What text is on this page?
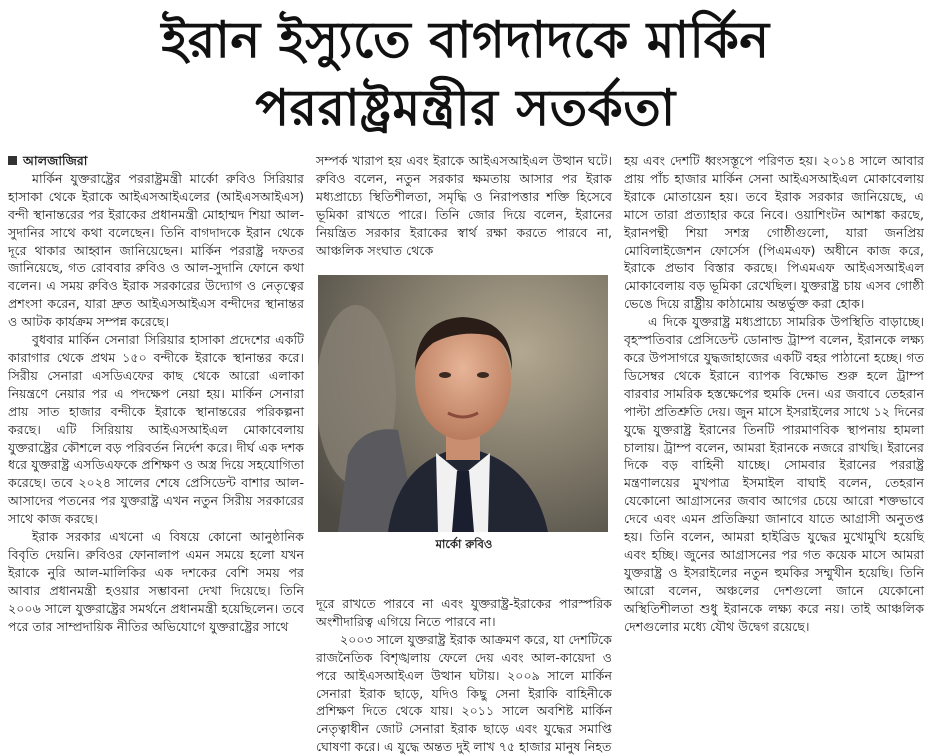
ইরান ইস্যুতে বাগদাদকে মার্কিন
পররাষ্ট্রমন্ত্রীর সতর্কতা
আলজাজিরা

মার্কিন যুক্তরাষ্ট্রের পররাষ্ট্রমন্ত্রী মার্কো রুবিও সিরিয়ার হাসাকা থেকে ইরাকে আইএসআইএলের (আইএসআইএস) বন্দী স্থানান্তরের পর ইরাকের প্রধানমন্ত্রী মোহাম্মদ শিয়া আল-সুদানির সাথে কথা বলেছেন। তিনি বাগদাদকে ইরান থেকে দূরে থাকার আহ্বান জানিয়েছেন। মার্কিন পররাষ্ট্র দফতর জানিয়েছে, গত রোববার রুবিও ও আল-সুদানি ফোনে কথা বলেন। এ সময় রুবিও ইরাক সরকারের উদ্যোগ ও নেতৃত্বের প্রশংসা করেন, যারা দ্রুত আইএসআইএস বন্দীদের স্থানান্তর ও আটক কার্যক্রম সম্পন্ন করেছে।

বুধবার মার্কিন সেনারা সিরিয়ার হাসাকা প্রদেশের একটি কারাগার থেকে প্রথম ১৫০ বন্দীকে ইরাকে স্থানান্তর করে। সিরীয় সেনারা এসডিএফের কাছ থেকে আরো এলাকা নিয়ন্ত্রণে নেয়ার পর এ পদক্ষেপ নেয়া হয়। মার্কিন সেনারা প্রায় সাত হাজার বন্দীকে ইরাকে স্থানান্তরের পরিকল্পনা করছে। এটি সিরিয়ায় আইএসআইএল মোকাবেলায় যুক্তরাষ্ট্রের কৌশলে বড় পরিবর্তন নির্দেশ করে। দীর্ঘ এক দশক ধরে যুক্তরাষ্ট্র এসডিএফকে প্রশিক্ষণ ও অস্ত্র দিয়ে সহযোগিতা করেছে। তবে ২০২৪ সালের শেষে প্রেসিডেন্ট বাশার আল-আসাদের পতনের পর যুক্তরাষ্ট্র এখন নতুন সিরীয় সরকারের সাথে কাজ করছে।

ইরাক সরকার এখনো এ বিষয়ে কোনো আনুষ্ঠানিক বিবৃতি দেয়নি। রুবিওর ফোনালাপ এমন সময়ে হলো যখন ইরাকে নুরি আল-মালিকির এক দশকের বেশি সময় পর আবার প্রধানমন্ত্রী হওয়ার সম্ভাবনা দেখা দিয়েছে। তিনি ২০০৬ সালে যুক্তরাষ্ট্রের সমর্থনে প্রধানমন্ত্রী হয়েছিলেন। তবে পরে তার সাম্প্রদায়িক নীতির অভিযোগে যুক্তরাষ্ট্রের সাথে

সম্পর্ক খারাপ হয় এবং ইরাকে আইএসআইএল উত্থান ঘটে। রুবিও বলেন, নতুন সরকার ক্ষমতায় আসার পর ইরাক মধ্যপ্রাচ্যে স্থিতিশীলতা, সমৃদ্ধি ও নিরাপত্তার শক্তি হিসেবে ভূমিকা রাখতে পারে। তিনি জোর দিয়ে বলেন, ইরানের নিয়ন্ত্রিত সরকার ইরাকের স্বার্থ রক্ষা করতে পারবে না, আঞ্চলিক সংঘাত থেকে
মার্কো রুবিও
দূরে রাখতে পারবে না এবং যুক্তরাষ্ট্র-ইরাকের পারস্পরিক অংশীদারিত্ব এগিয়ে নিতে পারবে না।

২০০৩ সালে যুক্তরাষ্ট্র ইরাক আক্রমণ করে, যা দেশটিকে রাজনৈতিক বিশৃঙ্খলায় ফেলে দেয় এবং আল-কায়েদা ও পরে আইএসআইএল উত্থান ঘটায়। ২০০৯ সালে মার্কিন সেনারা ইরাক ছাড়ে, যদিও কিছু সেনা ইরাকি বাহিনীকে প্রশিক্ষণ দিতে থেকে যায়। ২০১১ সালে অবশিষ্ট মার্কিন নেতৃত্বাধীন জোট সেনারা ইরাক ছাড়ে এবং যুদ্ধের সমাপ্তি ঘোষণা করে। এ যুদ্ধে অন্তত দুই লাখ ৭৫ হাজার মানুষ নিহত

হয় এবং দেশটি ধ্বংসস্তূপে পরিণত হয়। ২০১৪ সালে আবার প্রায় পাঁচ হাজার মার্কিন সেনা আইএসআইএল মোকাবেলায় ইরাকে মোতায়েন হয়। তবে ইরাক সরকার জানিয়েছে, এ মাসে তারা প্রত্যাহার করে নিবে। ওয়াশিংটন আশঙ্কা করছে, ইরানপন্থী শিয়া সশস্ত্র গোষ্ঠীগুলো, যারা জনপ্রিয় মোবিলাইজেশন ফোর্সেস (পিএমএফ) অধীনে কাজ করে, ইরাকে প্রভাব বিস্তার করছে। পিএমএফ আইএসআইএল মোকাবেলায় বড় ভূমিকা রেখেছিল। যুক্তরাষ্ট্র চায় এসব গোষ্ঠী ভেঙে দিয়ে রাষ্ট্রীয় কাঠামোয় অন্তর্ভুক্ত করা হোক।

এ দিকে যুক্তরাষ্ট্র মধ্যপ্রাচ্যে সামরিক উপস্থিতি বাড়াচ্ছে। বৃহস্পতিবার প্রেসিডেন্ট ডোনাল্ড ট্রাম্প বলেন, ইরানকে লক্ষ্য করে উপসাগরে যুদ্ধজাহাজের একটি বহর পাঠানো হচ্ছে। গত ডিসেম্বর থেকে ইরানে ব্যাপক বিক্ষোভ শুরু হলে ট্রাম্প বারবার সামরিক হস্তক্ষেপের হুমকি দেন। এর জবাবে তেহরান পাল্টা প্রতিশ্রুতি দেয়। জুন মাসে ইসরাইলের সাথে ১২ দিনের যুদ্ধে যুক্তরাষ্ট্র ইরানের তিনটি পারমাণবিক স্থাপনায় হামলা চালায়। ট্রাম্প বলেন, আমরা ইরানকে নজরে রাখছি। ইরানের দিকে বড় বাহিনী যাচ্ছে। সোমবার ইরানের পররাষ্ট্র মন্ত্রণালয়ের মুখপাত্র ইসমাইল বাঘাই বলেন, তেহরান যেকোনো আগ্রাসনের জবাব আগের চেয়ে আরো শক্তভাবে দেবে এবং এমন প্রতিক্রিয়া জানাবে যাতে আগ্রাসী অনুতপ্ত হয়। তিনি বলেন, আমরা হাইব্রিড যুদ্ধের মুখোমুখি হয়েছি এবং হচ্ছি। জুনের আগ্রাসনের পর গত কয়েক মাসে আমরা যুক্তরাষ্ট্র ও ইসরাইলের নতুন হুমকির সম্মুখীন হয়েছি। তিনি আরো বলেন, অঞ্চলের দেশগুলো জানে যেকোনো অস্থিতিশীলতা শুধু ইরানকে লক্ষ্য করে নয়। তাই আঞ্চলিক দেশগুলোর মধ্যে যৌথ উদ্বেগ রয়েছে।
